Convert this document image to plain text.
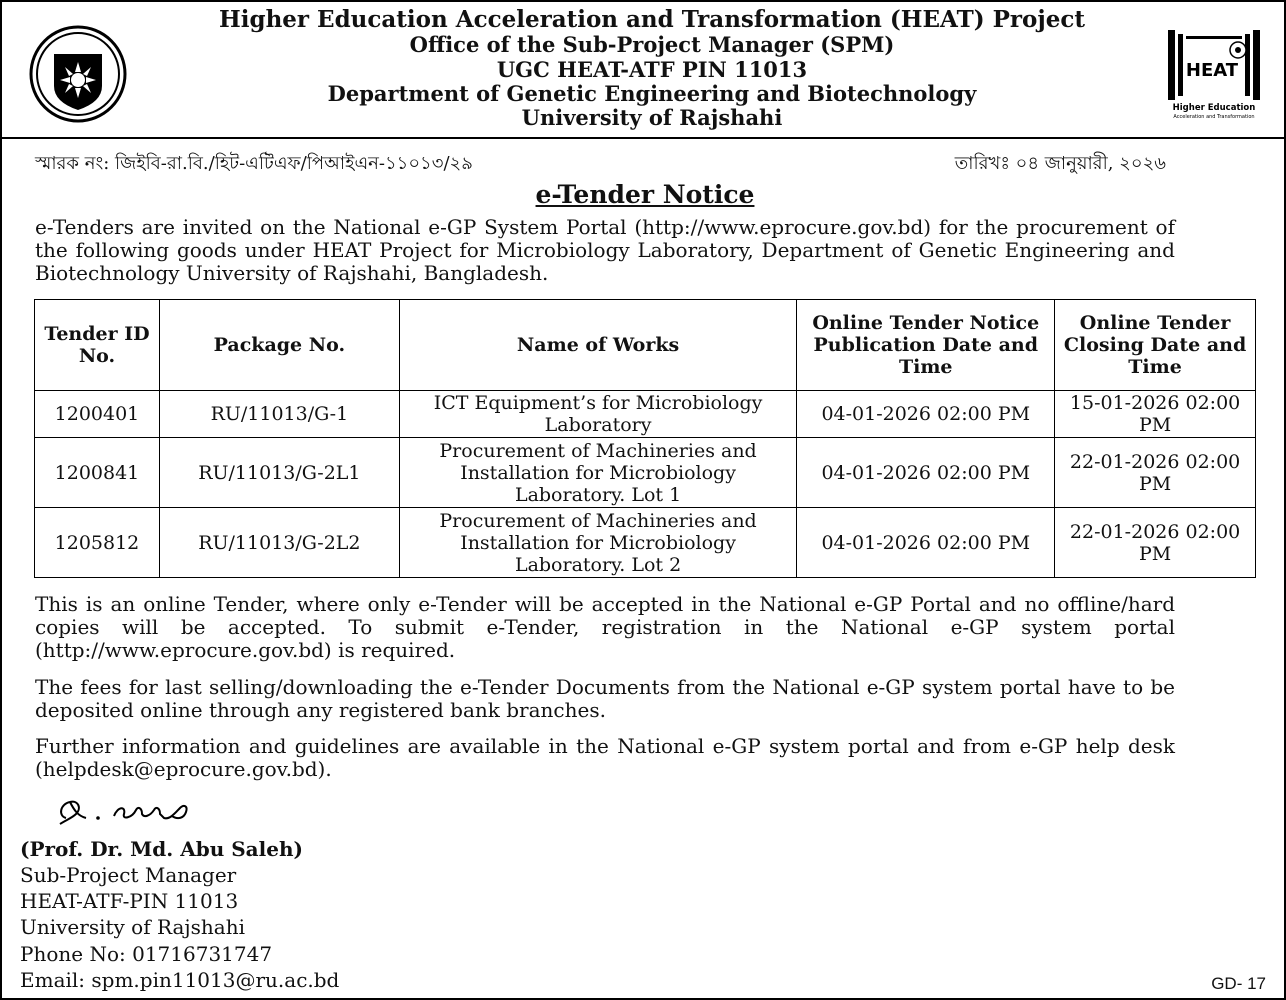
Higher Education Acceleration and Transformation (HEAT) Project
Office of the Sub-Project Manager (SPM)
UGC HEAT-ATF PIN 11013
Department of Genetic Engineering and Biotechnology
University of Rajshahi
HEAT
Higher Education
Acceleration and Transformation
স্মারক নং: জিইবি-রা.বি./হিট-এটিএফ/পিআইএন-১১০১৩/২৯	তারিখঃ ০৪ জানুয়ারী, ২০২৬
e-Tender Notice
e-Tenders are invited on the National e-GP System Portal (http://www.eprocure.gov.bd) for the procurement of the following goods under HEAT Project for Microbiology Laboratory, Department of Genetic Engineering and Biotechnology University of Rajshahi, Bangladesh.
Tender ID No.	Package No.	Name of Works	Online Tender Notice Publication Date and Time	Online Tender Closing Date and Time
1200401	RU/11013/G-1	ICT Equipment’s for Microbiology Laboratory	04-01-2026 02:00 PM	15-01-2026 02:00 PM
1200841	RU/11013/G-2L1	Procurement of Machineries and Installation for Microbiology Laboratory. Lot 1	04-01-2026 02:00 PM	22-01-2026 02:00 PM
1205812	RU/11013/G-2L2	Procurement of Machineries and Installation for Microbiology Laboratory. Lot 2	04-01-2026 02:00 PM	22-01-2026 02:00 PM
This is an online Tender, where only e-Tender will be accepted in the National e-GP Portal and no offline/hard copies will be accepted. To submit e-Tender, registration in the National e-GP system portal (http://www.eprocure.gov.bd) is required.
The fees for last selling/downloading the e-Tender Documents from the National e-GP system portal have to be deposited online through any registered bank branches.
Further information and guidelines are available in the National e-GP system portal and from e-GP help desk (helpdesk@eprocure.gov.bd).
(Prof. Dr. Md. Abu Saleh)
Sub-Project Manager
HEAT-ATF-PIN 11013
University of Rajshahi
Phone No: 01716731747
Email: spm.pin11013@ru.ac.bd	GD- 17
